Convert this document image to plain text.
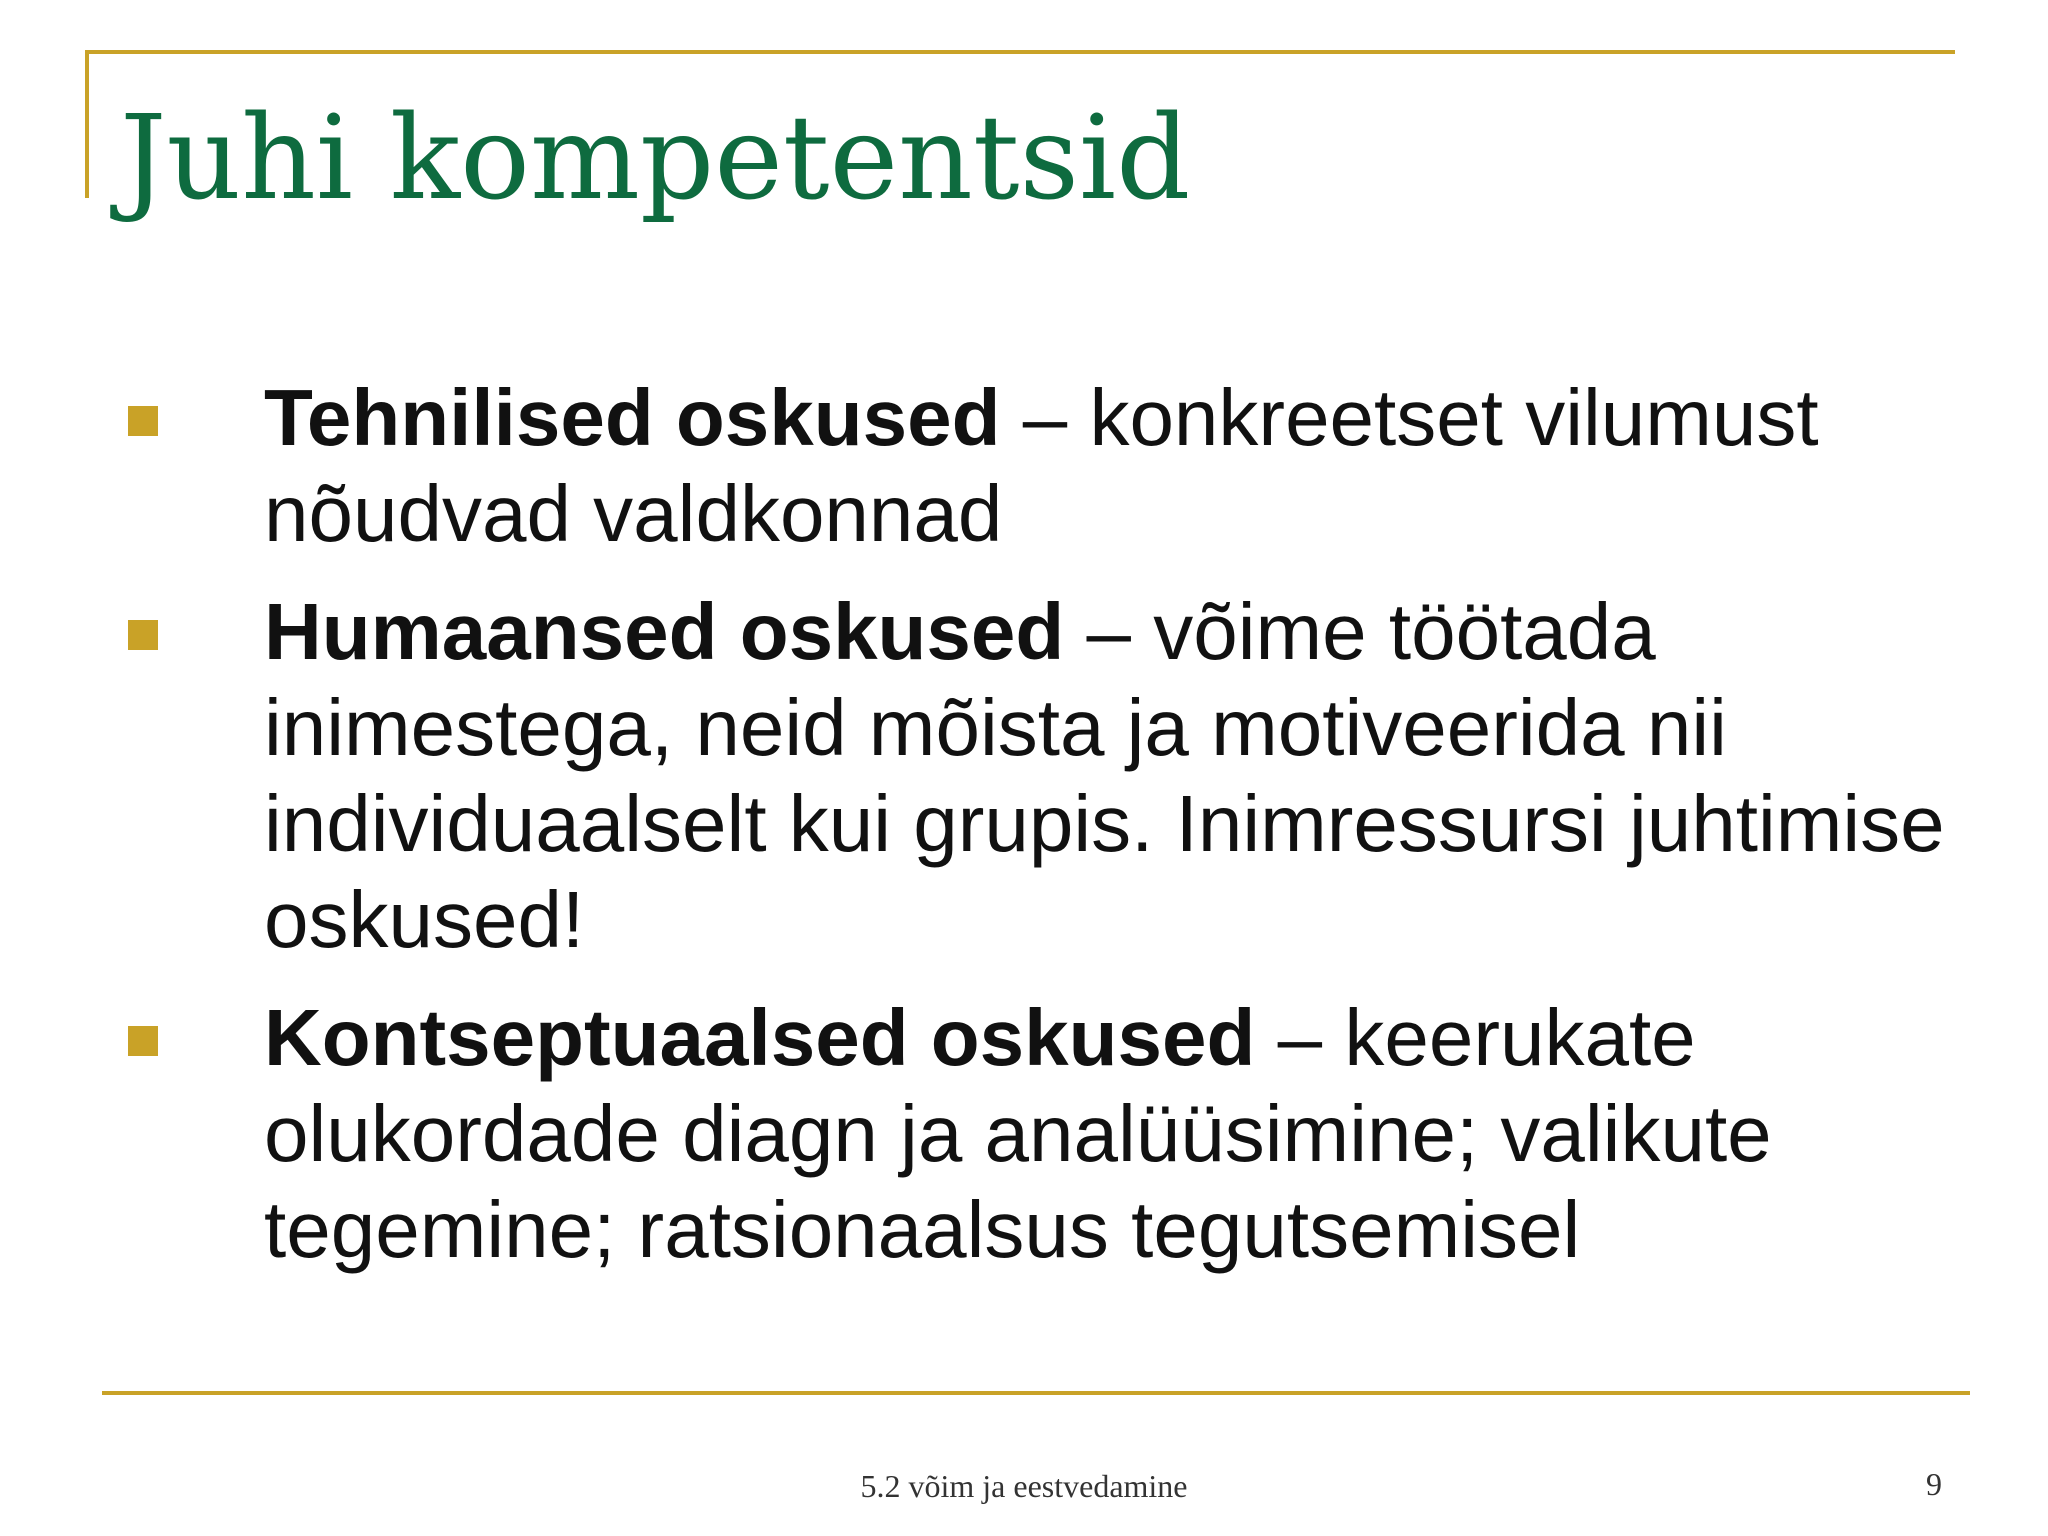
Juhi kompetentsid
Tehnilised oskused – konkreetset vilumust nõudvad valdkonnad
Humaansed oskused – võime töötada inimestega, neid mõista ja motiveerida nii individuaalselt kui grupis. Inimressursi juhtimise oskused!
Kontseptuaalsed oskused – keerukate olukordade diagn ja analüüsimine; valikute tegemine; ratsionaalsus tegutsemisel
5.2 võim ja eestvedamine	9
